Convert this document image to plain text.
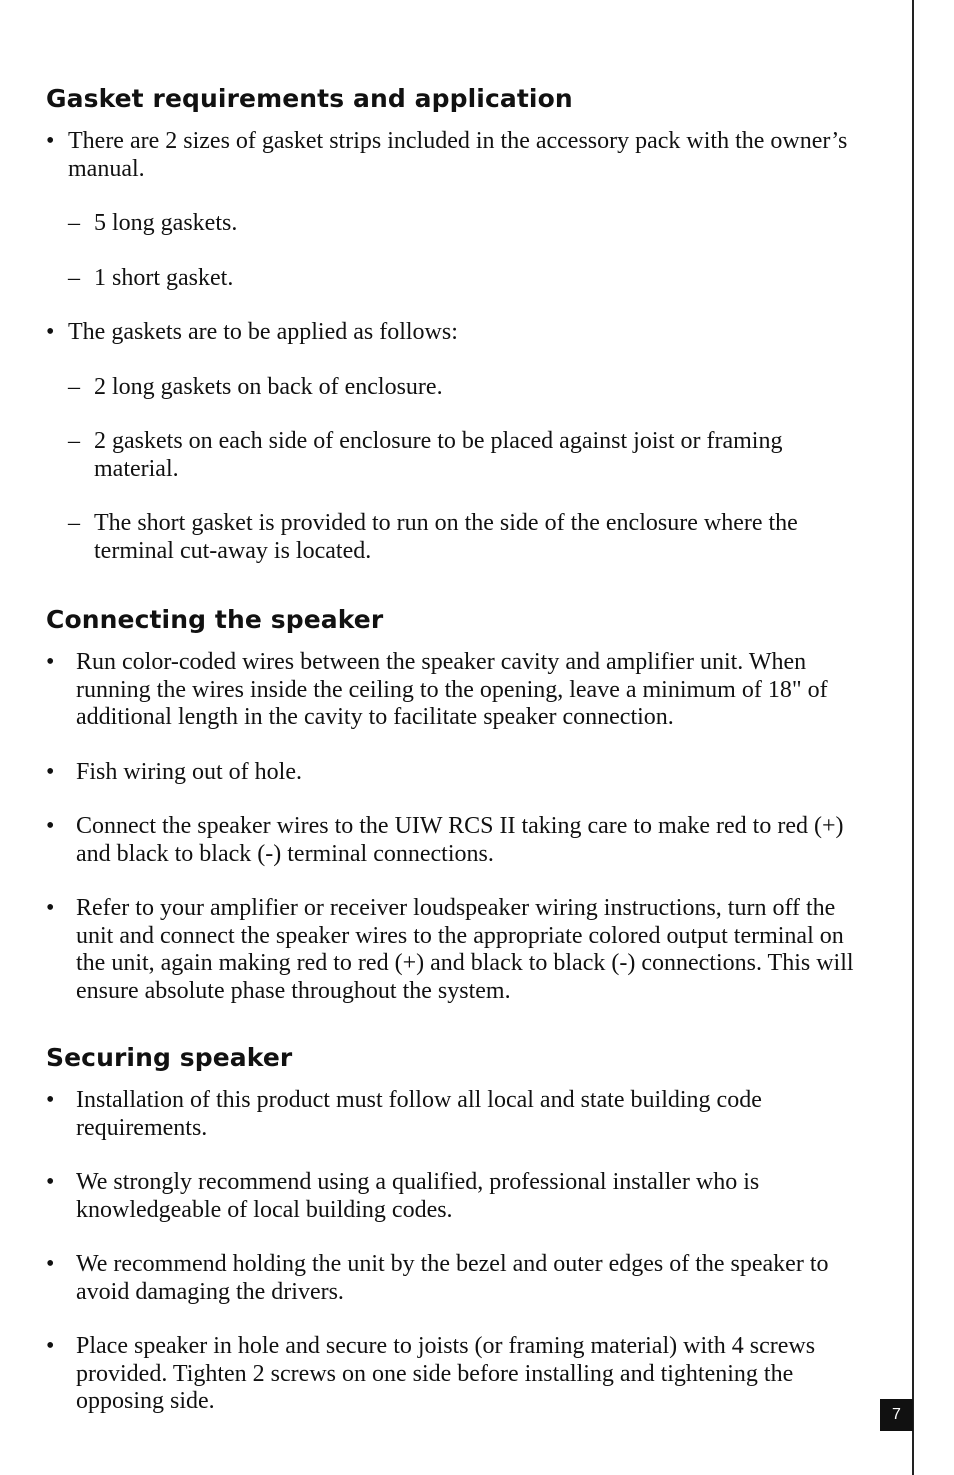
Gasket requirements and application
• There are 2 sizes of gasket strips included in the accessory pack with the owner’s manual.
– 5 long gaskets.
– 1 short gasket.
• The gaskets are to be applied as follows:
– 2 long gaskets on back of enclosure.
– 2 gaskets on each side of enclosure to be placed against joist or framing material.
– The short gasket is provided to run on the side of the enclosure where the terminal cut-away is located.
Connecting the speaker
• Run color-coded wires between the speaker cavity and amplifier unit. When running the wires inside the ceiling to the opening, leave a minimum of 18" of additional length in the cavity to facilitate speaker connection.
• Fish wiring out of hole.
• Connect the speaker wires to the UIW RCS II taking care to make red to red (+) and black to black (-) terminal connections.
• Refer to your amplifier or receiver loudspeaker wiring instructions, turn off the unit and connect the speaker wires to the appropriate colored output terminal on the unit, again making red to red (+) and black to black (-) connections. This will ensure absolute phase throughout the system.
Securing speaker
• Installation of this product must follow all local and state building code requirements.
• We strongly recommend using a qualified, professional installer who is knowledgeable of local building codes.
• We recommend holding the unit by the bezel and outer edges of the speaker to avoid damaging the drivers.
• Place speaker in hole and secure to joists (or framing material) with 4 screws provided. Tighten 2 screws on one side before installing and tightening the opposing side.
7
